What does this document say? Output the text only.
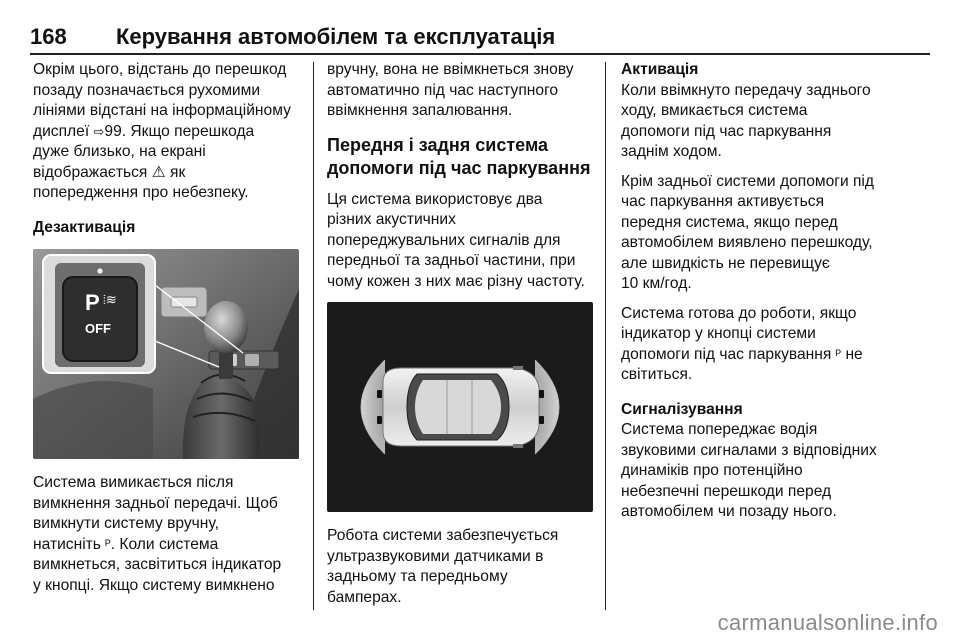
168 Керування автомобілем та експлуатація

Окрім цього, відстань до перешкод

позаду позначається рухомими

лініями відстані на інформаційному

дисплеї ⇨99. Якщо перешкода

дуже близько, на екрані

відображається ⚠ як

попередження про небезпеку.

Дезактивація

P ⦙≋
OFF

Система вимикається після

вимкнення задньої передачі. Щоб

вимкнути систему вручну,

натисніть ᴾ. Коли система

вимкнеться, засвітиться індикатор

у кнопці. Якщо систему вимкнено

вручну, вона не ввімкнеться знову

автоматично під час наступного

ввімкнення запалювання.

Передня і задня система

допомоги під час паркування

Ця система використовує два

різних акустичних

попереджувальних сигналів для

передньої та задньої частини, при

чому кожен з них має різну частоту.

Робота системи забезпечується

ультразвуковими датчиками в

задньому та передньому

бамперах.

Активація

Коли ввімкнуто передачу заднього

ходу, вмикається система

допомоги під час паркування

заднім ходом.

Крім задньої системи допомоги під

час паркування активується

передня система, якщо перед

автомобілем виявлено перешкоду,

але швидкість не перевищує

10 км/год.

Система готова до роботи, якщо

індикатор у кнопці системи

допомоги під час паркування ᴾ не

світиться.

Сигналізування

Система попереджає водія

звуковими сигналами з відповідних

динаміків про потенційно

небезпечні перешкоди перед

автомобілем чи позаду нього.

carmanualsonline.info
